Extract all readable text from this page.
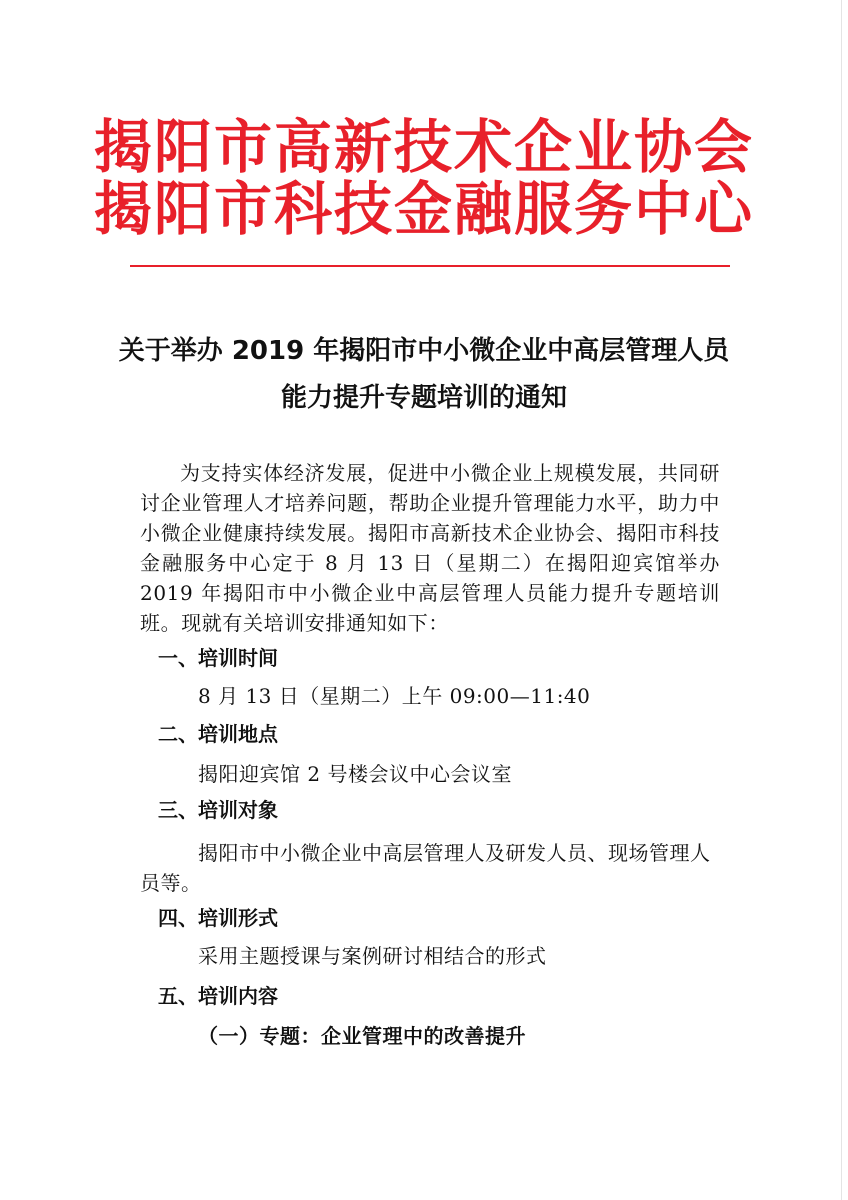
揭阳市高新技术企业协会
揭阳市科技金融服务中心
关于举办 2019 年揭阳市中小微企业中高层管理人员
能力提升专题培训的通知
为支持实体经济发展，促进中小微企业上规模发展，共同研讨企业管理人才培养问题，帮助企业提升管理能力水平，助力中小微企业健康持续发展。揭阳市高新技术企业协会、揭阳市科技金融服务中心定于 8 月 13 日（星期二）在揭阳迎宾馆举办 2019 年揭阳市中小微企业中高层管理人员能力提升专题培训班。现就有关培训安排通知如下：
一、培训时间
8 月 13 日（星期二）上午 09:00—11:40
二、培训地点
揭阳迎宾馆 2 号楼会议中心会议室
三、培训对象
揭阳市中小微企业中高层管理人及研发人员、现场管理人员等。
四、培训形式
采用主题授课与案例研讨相结合的形式
五、培训内容
（一）专题：企业管理中的改善提升
